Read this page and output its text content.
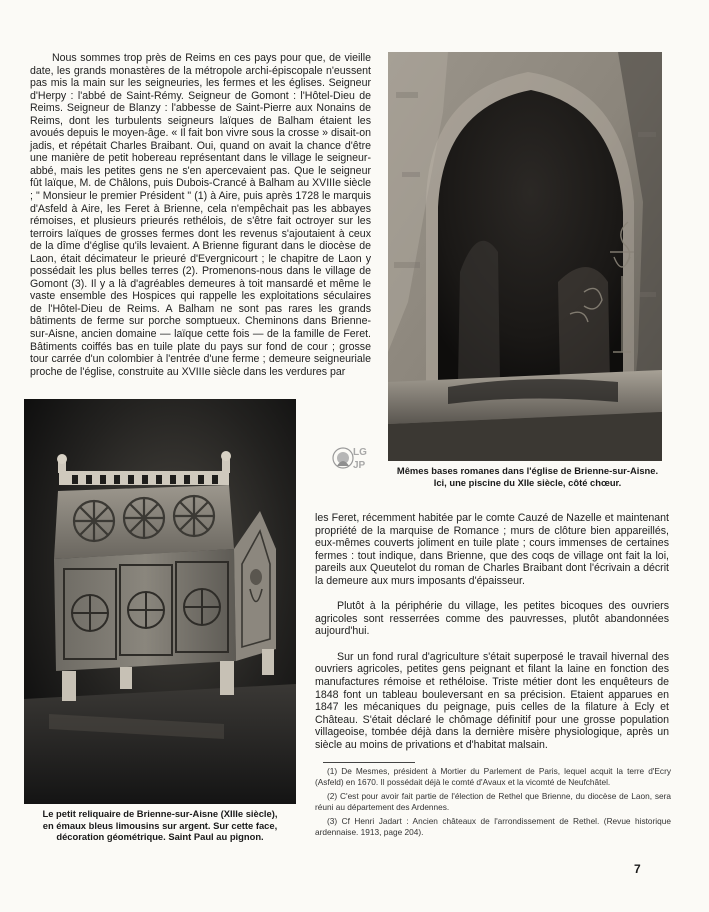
Nous sommes trop près de Reims en ces pays pour que, de vieille date, les grands monastères de la métropole archi-épiscopale n'eussent pas mis la main sur les seigneuries, les fermes et les églises. Seigneur d'Herpy : l'abbé de Saint-Rémy. Seigneur de Gomont : l'Hôtel-Dieu de Reims. Seigneur de Blanzy : l'abbesse de Saint-Pierre aux Nonains de Reims, dont les turbulents seigneurs laïques de Balham étaient les avoués depuis le moyen-âge. « Il fait bon vivre sous la crosse » disait-on jadis, et répétait Charles Braibant. Oui, quand on avait la chance d'être une manière de petit hobereau représentant dans le village le seigneur-abbé, mais les petites gens ne s'en apercevaient pas. Que le seigneur fût laïque, M. de Châlons, puis Dubois-Crancé à Balham au XVIIIe siècle ; " Monsieur le premier Président " (1) à Aire, puis après 1728 le marquis d'Asfeld à Aire, les Feret à Brienne, cela n'empêchait pas les abbayes rémoises, et plusieurs prieurés rethélois, de s'être fait octroyer sur les terroirs laïques de grosses fermes dont les revenus s'ajoutaient à ceux de la dîme d'église qu'ils levaient. A Brienne figurant dans le diocèse de Laon, était décimateur le prieuré d'Evergnicourt ; le chapitre de Laon y possédait les plus belles terres (2). Promenons-nous dans le village de Gomont (3). Il y a là d'agréables demeures à toit mansardé et même le vaste ensemble des Hospices qui rappelle les exploitations séculaires de l'Hôtel-Dieu de Reims. A Balham ne sont pas rares les grands bâtiments de ferme sur porche somptueux. Cheminons dans Brienne-sur-Aisne, ancien domaine — laïque cette fois — de la famille de Feret. Bâtiments coiffés bas en tuile plate du pays sur fond de cour ; grosse tour carrée d'un colombier à l'entrée d'une ferme ; demeure seigneuriale proche de l'église, construite au XVIIIe siècle dans les verdures par

Mêmes bases romanes dans l'église de Brienne-sur-Aisne.
Ici, une piscine du XIIe siècle, côté chœur.

LG
JP

Le petit reliquaire de Brienne-sur-Aisne (XIIIe siècle),
en émaux bleus limousins sur argent. Sur cette face,
décoration géométrique. Saint Paul au pignon.

les Feret, récemment habitée par le comte Cauzé de Nazelle et maintenant propriété de la marquise de Romance ; murs de clôture bien appareillés, eux-mêmes couverts joliment en tuile plate ; cours immenses de certaines fermes : tout indique, dans Brienne, que des coqs de village ont fait la loi, pareils aux Queutelot du roman de Charles Braibant dont l'écrivain a décrit la demeure aux murs imposants d'épaisseur.

Plutôt à la périphérie du village, les petites bicoques des ouvriers agricoles sont resserrées comme des pauvresses, plutôt abandonnées aujourd'hui.

Sur un fond rural d'agriculture s'était superposé le travail hivernal des ouvriers agricoles, petites gens peignant et filant la laine en fonction des manufactures rémoise et rethéloise. Triste métier dont les enquêteurs de 1848 font un tableau bouleversant en sa précision. Etaient apparues en 1847 les mécaniques du peignage, puis celles de la filature à Ecly et Château. S'était déclaré le chômage définitif pour une grosse population villageoise, tombée déjà dans la dernière misère physiologique, après un siècle au moins de privations et d'habitat malsain.

(1) De Mesmes, président à Mortier du Parlement de Paris, lequel acquit la terre d'Ecry (Asfeld) en 1670. Il possédait déjà le comté d'Avaux et la vicomté de Neufchâtel.

(2) C'est pour avoir fait partie de l'élection de Rethel que Brienne, du diocèse de Laon, sera réuni au département des Ardennes.

(3) Cf Henri Jadart : Ancien châteaux de l'arrondissement de Rethel. (Revue historique ardennaise. 1913, page 204).

7
